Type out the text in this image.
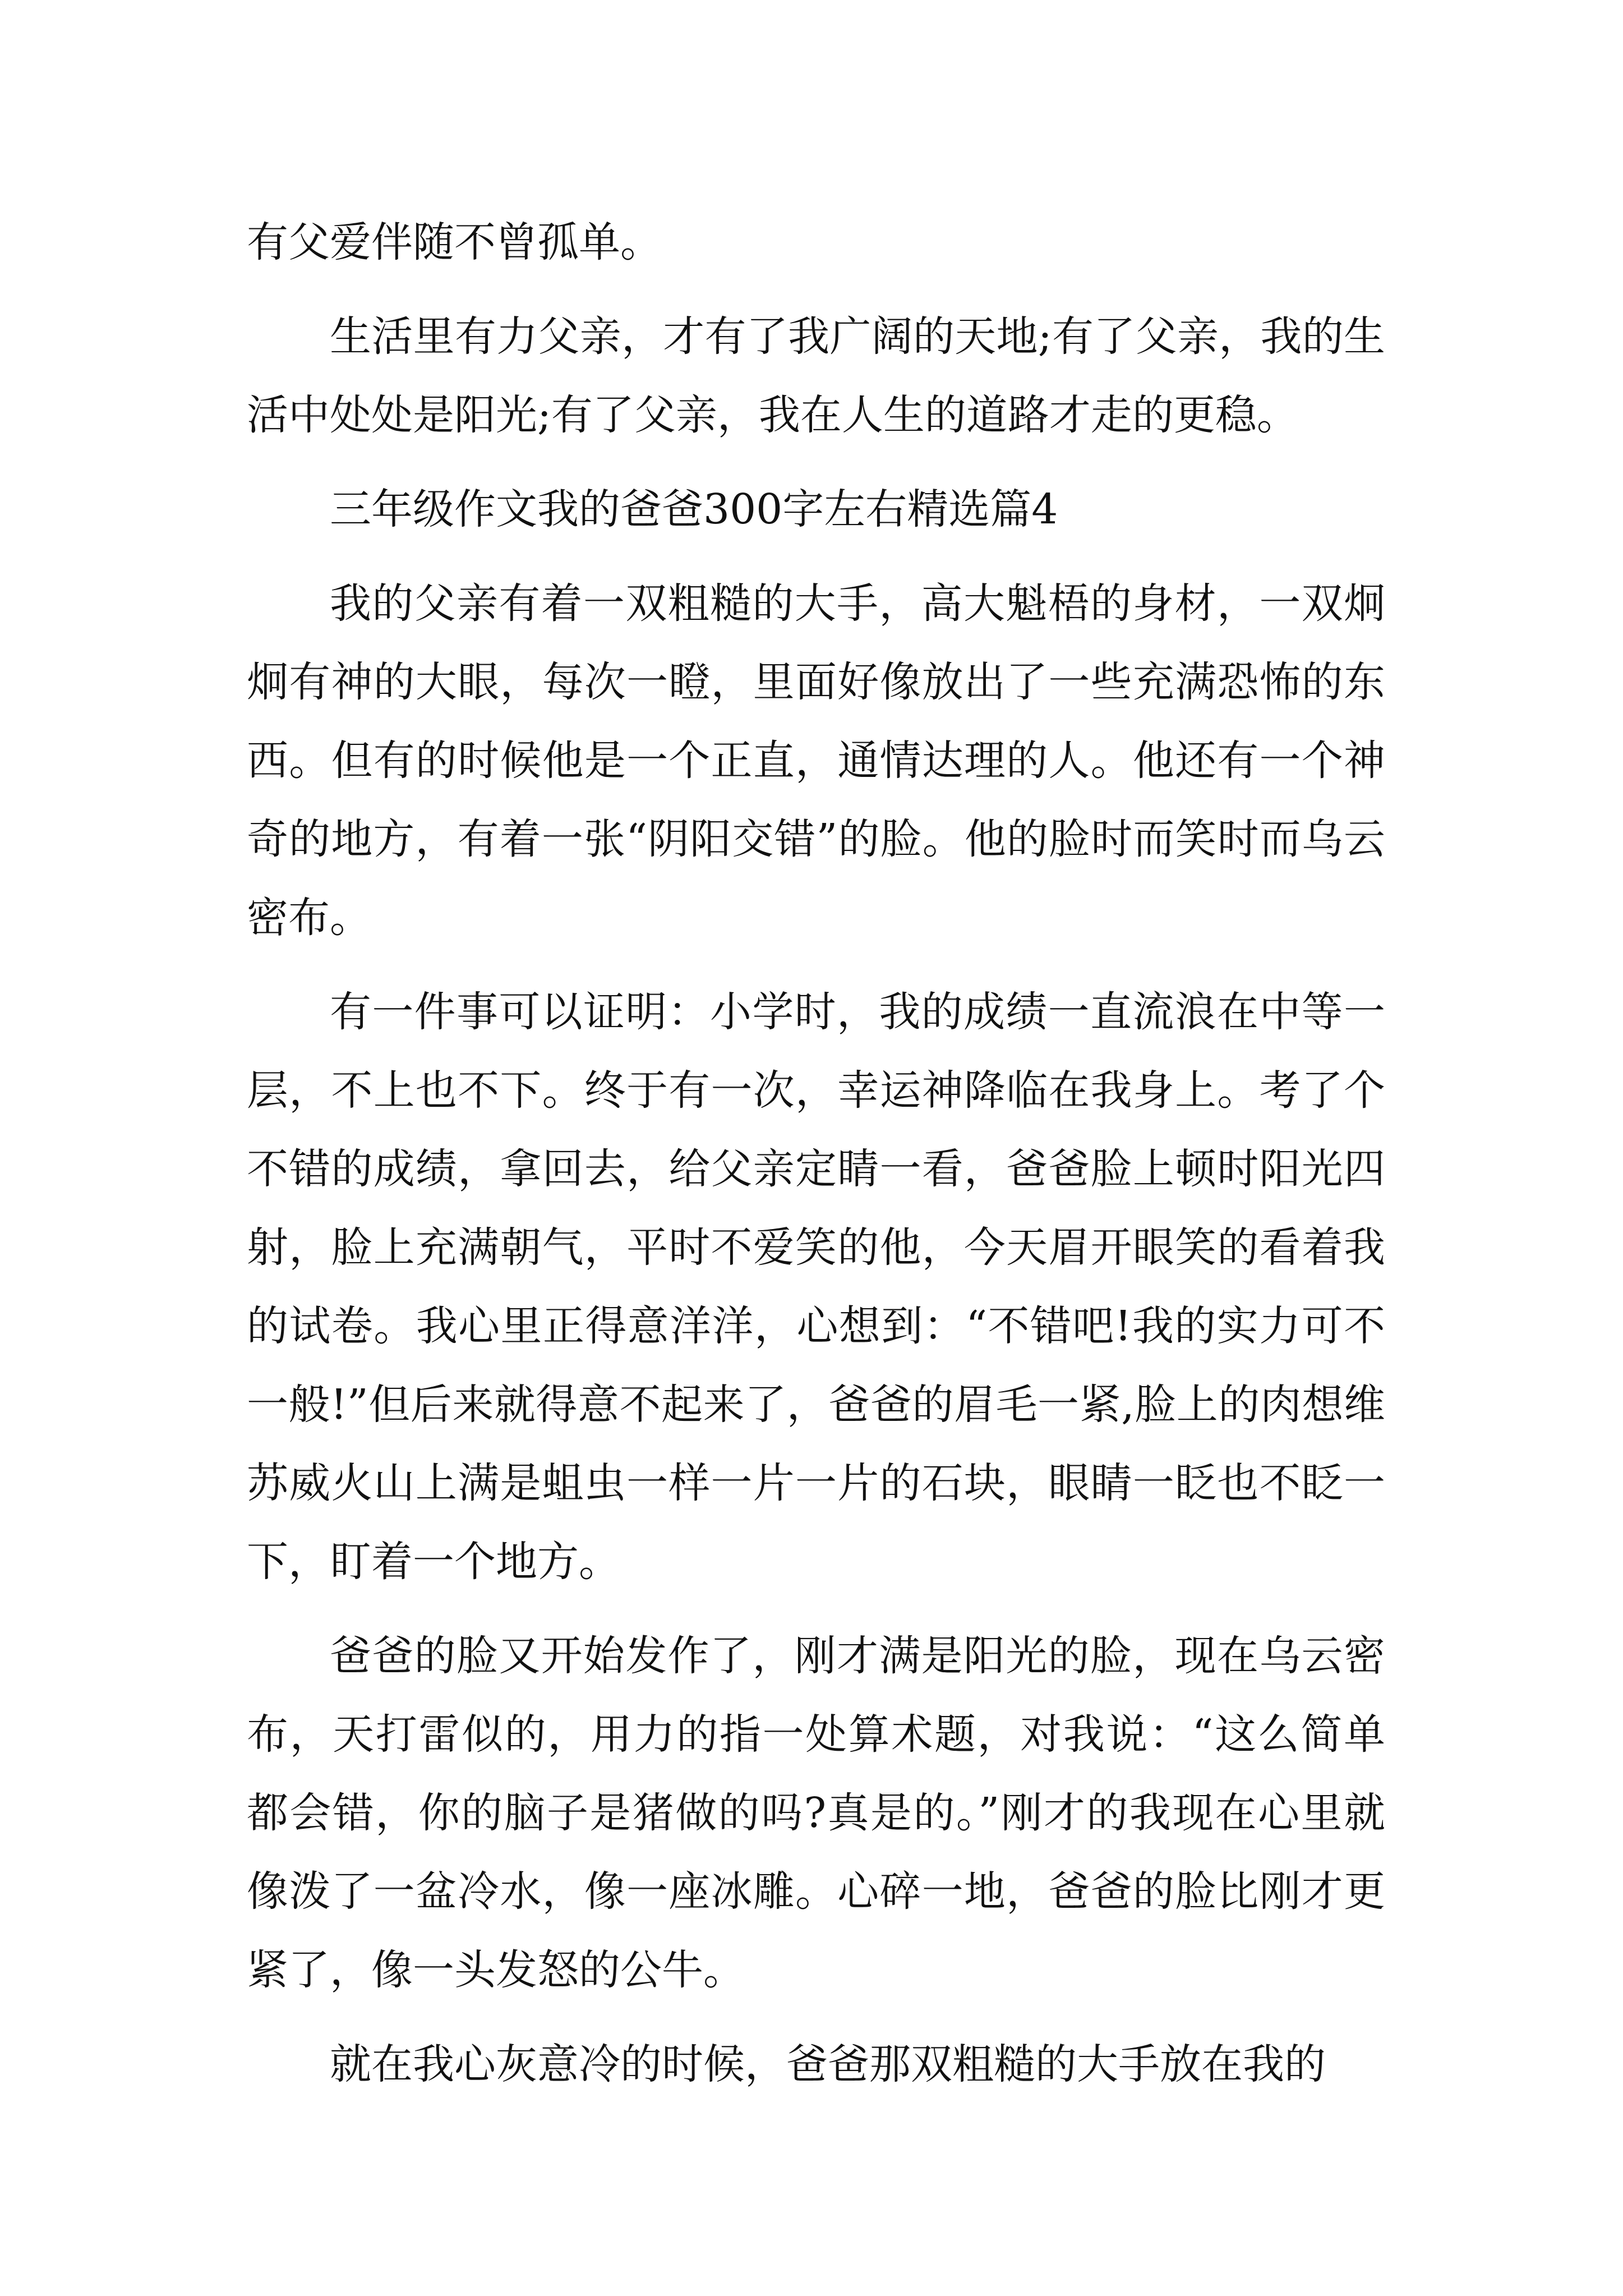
有父爱伴随不曾孤单。

生活里有力父亲，才有了我广阔的天地;有了父亲，我的生活中处处是阳光;有了父亲，我在人生的道路才走的更稳。

三年级作文我的爸爸300字左右精选篇4

我的父亲有着一双粗糙的大手，高大魁梧的身材，一双炯炯有神的大眼，每次一瞪，里面好像放出了一些充满恐怖的东西。但有的时候他是一个正直，通情达理的人。他还有一个神奇的地方，有着一张“阴阳交错”的脸。他的脸时而笑时而乌云密布。

有一件事可以证明：小学时，我的成绩一直流浪在中等一层，不上也不下。终于有一次，幸运神降临在我身上。考了个不错的成绩，拿回去，给父亲定睛一看，爸爸脸上顿时阳光四射，脸上充满朝气，平时不爱笑的他，今天眉开眼笑的看着我的试卷。我心里正得意洋洋，心想到：“不错吧!我的实力可不一般!”但后来就得意不起来了，爸爸的眉毛一紧,脸上的肉想维苏威火山上满是蛆虫一样一片一片的石块，眼睛一眨也不眨一下，盯着一个地方。

爸爸的脸又开始发作了，刚才满是阳光的脸，现在乌云密布，天打雷似的，用力的指一处算术题，对我说：“这么简单都会错，你的脑子是猪做的吗?真是的。”刚才的我现在心里就像泼了一盆冷水，像一座冰雕。心碎一地，爸爸的脸比刚才更紧了，像一头发怒的公牛。

就在我心灰意冷的时候，爸爸那双粗糙的大手放在我的
